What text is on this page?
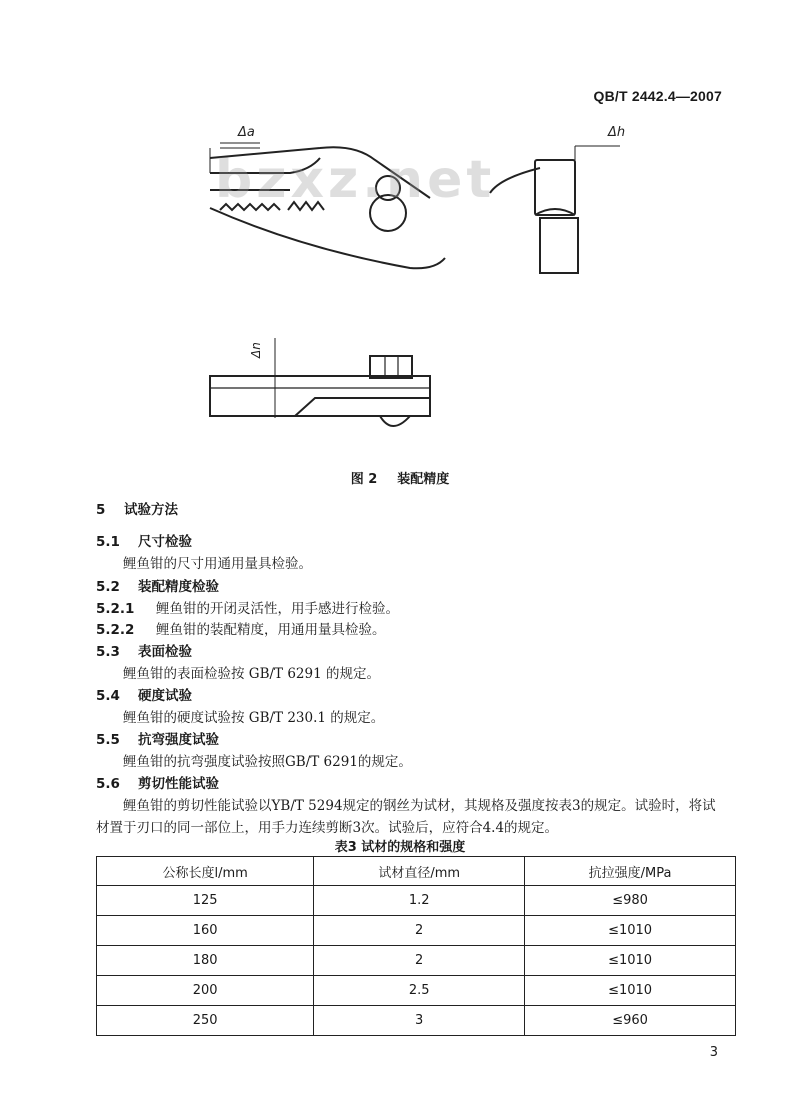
QB/T 2442.4—2007
Δa	Δh
Δn
bzxz.net
图 2 装配精度
5 试验方法
5.1 尺寸检验
鲤鱼钳的尺寸用通用量具检验。
5.2 装配精度检验
5.2.1 鲤鱼钳的开闭灵活性，用手感进行检验。
5.2.2 鲤鱼钳的装配精度，用通用量具检验。
5.3 表面检验
鲤鱼钳的表面检验按 GB/T 6291 的规定。
5.4 硬度试验
鲤鱼钳的硬度试验按 GB/T 230.1 的规定。
5.5 抗弯强度试验
鲤鱼钳的抗弯强度试验按照GB/T 6291的规定。
5.6 剪切性能试验
鲤鱼钳的剪切性能试验以YB/T 5294规定的钢丝为试材，其规格及强度按表3的规定。试验时，将试
材置于刃口的同一部位上，用手力连续剪断3次。试验后，应符合4.4的规定。
表3 试材的规格和强度
公称长度l/mm	试材直径/mm	抗拉强度/MPa
125	1.2	≤980
160	2	≤1010
180	2	≤1010
200	2.5	≤1010
250	3	≤960
3
